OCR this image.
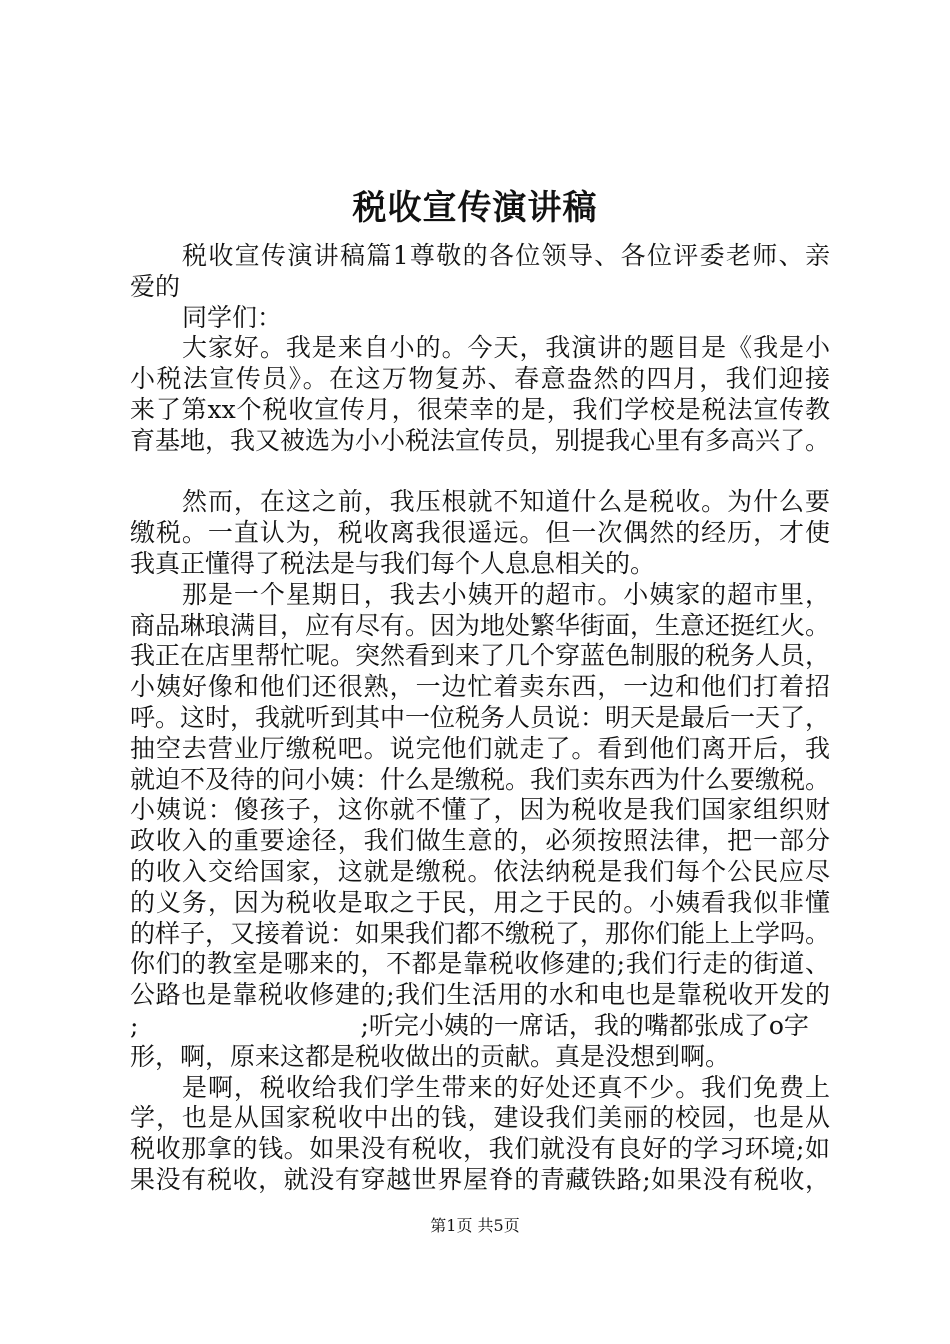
税收宣传演讲稿
税收宣传演讲稿篇1尊敬的各位领导、各位评委老师、亲
爱的
同学们：
大家好。我是来自小的。今天，我演讲的题目是《我是小
小税法宣传员》。在这万物复苏、春意盎然的四月，我们迎接
来了第xx个税收宣传月，很荣幸的是，我们学校是税法宣传教
育基地，我又被选为小小税法宣传员，别提我心里有多高兴了。
然而，在这之前，我压根就不知道什么是税收。为什么要
缴税。一直认为，税收离我很遥远。但一次偶然的经历，才使
我真正懂得了税法是与我们每个人息息相关的。
那是一个星期日，我去小姨开的超市。小姨家的超市里，
商品琳琅满目，应有尽有。因为地处繁华街面，生意还挺红火。
我正在店里帮忙呢。突然看到来了几个穿蓝色制服的税务人员，
小姨好像和他们还很熟，一边忙着卖东西，一边和他们打着招
呼。这时，我就听到其中一位税务人员说：明天是最后一天了，
抽空去营业厅缴税吧。说完他们就走了。看到他们离开后，我
就迫不及待的问小姨：什么是缴税。我们卖东西为什么要缴税。
小姨说：傻孩子，这你就不懂了，因为税收是我们国家组织财
政收入的重要途径，我们做生意的，必须按照法律，把一部分
的收入交给国家，这就是缴税。依法纳税是我们每个公民应尽
的义务，因为税收是取之于民，用之于民的。小姨看我似非懂
的样子，又接着说：如果我们都不缴税了，那你们能上上学吗。
你们的教室是哪来的，不都是靠税收修建的;我们行走的街道、
公路也是靠税收修建的;我们生活用的水和电也是靠税收开发的
;	;听完小姨的一席话，我的嘴都张成了o字
形，啊，原来这都是税收做出的贡献。真是没想到啊。
是啊，税收给我们学生带来的好处还真不少。我们免费上
学，也是从国家税收中出的钱，建设我们美丽的校园，也是从
税收那拿的钱。如果没有税收，我们就没有良好的学习环境;如
果没有税收，就没有穿越世界屋脊的青藏铁路;如果没有税收，
第1页 共5页
